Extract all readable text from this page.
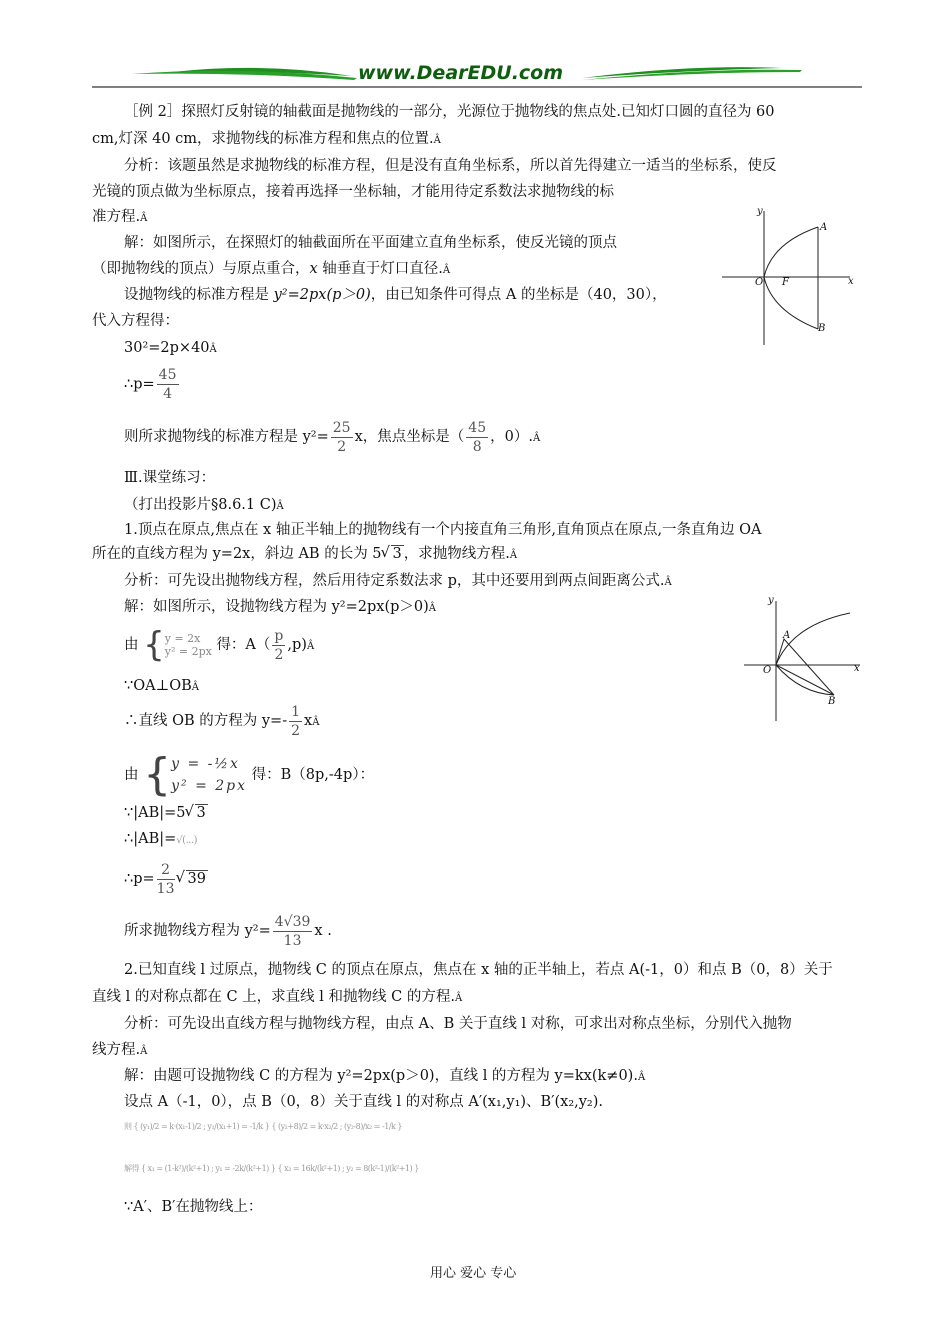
www.DearEDU.com
［例 2］探照灯反射镜的轴截面是抛物线的一部分，光源位于抛物线的焦点处.已知灯口圆的直径为 60
cm,灯深 40 cm，求抛物线的标准方程和焦点的位置.Â
分析：该题虽然是求抛物线的标准方程，但是没有直角坐标系，所以首先得建立一适当的坐标系，使反
光镜的顶点做为坐标原点，接着再选择一坐标轴，才能用待定系数法求抛物线的标
准方程.Â
解：如图所示，在探照灯的轴截面所在平面建立直角坐标系，使反光镜的顶点
（即抛物线的顶点）与原点重合，x 轴垂直于灯口直径.Â
设抛物线的标准方程是 y²=2px(p＞0)，由已知条件可得点 A 的坐标是（40，30），
代入方程得：
30²=2p×40Â
∴p= $\frac{45}{4}$
则所求抛物线的标准方程是 $y^2= \frac{25}{2}$ x，焦点坐标是（ $\frac{45}{8}$ ，0）.Â
y
A
O F	x
B
Ⅲ.课堂练习：
（打出投影片§8.6.1 C)Â
1.顶点在原点,焦点在 x 轴正半轴上的抛物线有一个内接直角三角形,直角顶点在原点,一条直角边 OA
所在的直线方程为 y=2x，斜边 AB 的长为 5 √ 3 ，求抛物线方程.Â
分析：可先设出抛物线方程，然后用待定系数法求 p，其中还要用到两点间距离公式.Â
解：如图所示，设抛物线方程为 y²=2px(p＞0)Â
由 { y = 2x
y² = 2px 得：$A( \frac{p}{2}$ ,p)Â
∵OA⊥OBÂ
∴直线 OB 的方程为 $y=- \frac{1}{2}$ xÂ
由 { y = -½x
y² = 2px
得：B（8p,-4p）：
∵|AB|=5 √ 3
∴|AB|=√(...)
∴p= $\frac{2}{13}$ √ 39
所求抛物线方程为 $y^2= \frac{4√39}{13}$ x .
y
A
O	x
B
2.已知直线 l 过原点，抛物线 C 的顶点在原点，焦点在 x 轴的正半轴上，若点 A(-1，0）和点 B（0，8）关于
直线 l 的对称点都在 C 上，求直线 l 和抛物线 C 的方程.Â
分析：可先设出直线方程与抛物线方程，由点 A、B 关于直线 l 对称，可求出对称点坐标，分别代入抛物
线方程.Â
解：由题可设抛物线 C 的方程为 y²=2px(p＞0)，直线 l 的方程为 y=kx(k≠0).Â
设点 A（-1，0），点 B（0，8）关于直线 l 的对称点 A′(x₁,y₁)、B′(x₂,y₂).
则 { (y₁)/2 = k·(x₁-1)/2 ; y₁/(x₁+1) = -1/k } { (y₂+8)/2 = k·x₂/2 ; (y₂-8)/x₂ = -1/k }
解得 { x₁ = (1-k²)/(k²+1) ; y₁ = -2k/(k²+1) } { x₂ = 16k/(k²+1) ; y₂ = 8(k²-1)/(k²+1) }
∵A′、B′在抛物线上：
用心 爱心 专心
